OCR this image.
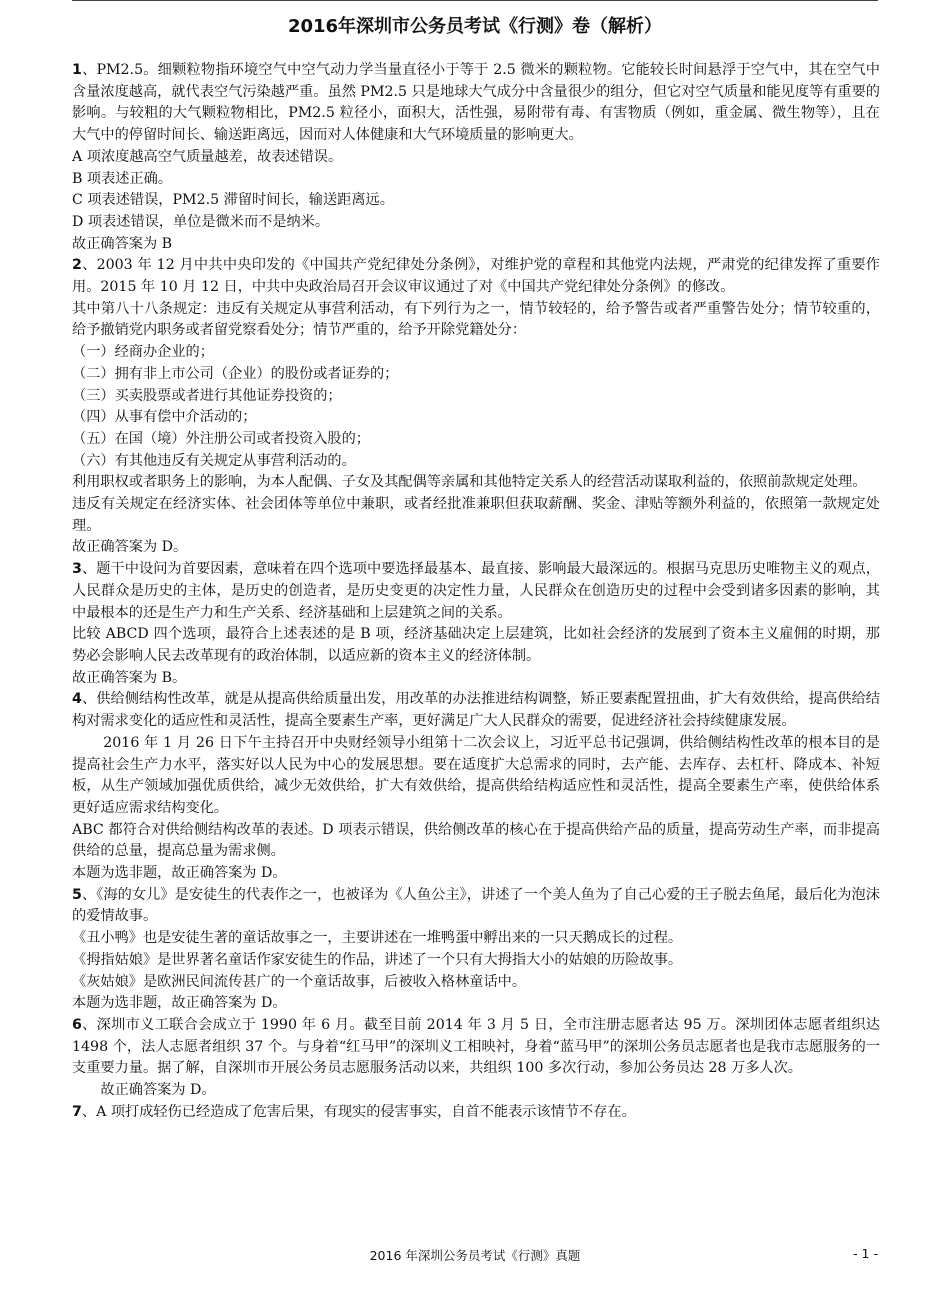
2016年深圳市公务员考试《行测》卷（解析）

1、PM2.5。细颗粒物指环境空气中空气动力学当量直径小于等于 2.5 微米的颗粒物。它能较长时间悬浮于空气中，其在空气中含量浓度越高，就代表空气污染越严重。虽然 PM2.5 只是地球大气成分中含量很少的组分，但它对空气质量和能见度等有重要的影响。与较粗的大气颗粒物相比，PM2.5 粒径小，面积大，活性强，易附带有毒、有害物质（例如，重金属、微生物等），且在大气中的停留时间长、输送距离远，因而对人体健康和大气环境质量的影响更大。

A 项浓度越高空气质量越差，故表述错误。

B 项表述正确。

C 项表述错误，PM2.5 滞留时间长，输送距离远。

D 项表述错误，单位是微米而不是纳米。

故正确答案为 B

2、2003 年 12 月中共中央印发的《中国共产党纪律处分条例》，对维护党的章程和其他党内法规，严肃党的纪律发挥了重要作用。2015 年 10 月 12 日，中共中央政治局召开会议审议通过了对《中国共产党纪律处分条例》的修改。

其中第八十八条规定：违反有关规定从事营利活动，有下列行为之一，情节较轻的，给予警告或者严重警告处分；情节较重的，给予撤销党内职务或者留党察看处分；情节严重的，给予开除党籍处分：

（一）经商办企业的；

（二）拥有非上市公司（企业）的股份或者证券的；

（三）买卖股票或者进行其他证券投资的；

（四）从事有偿中介活动的；

（五）在国（境）外注册公司或者投资入股的；

（六）有其他违反有关规定从事营利活动的。

利用职权或者职务上的影响，为本人配偶、子女及其配偶等亲属和其他特定关系人的经营活动谋取利益的，依照前款规定处理。

违反有关规定在经济实体、社会团体等单位中兼职，或者经批准兼职但获取薪酬、奖金、津贴等额外利益的，依照第一款规定处理。

故正确答案为 D。

3、题干中设问为首要因素，意味着在四个选项中要选择最基本、最直接、影响最大最深远的。根据马克思历史唯物主义的观点，人民群众是历史的主体，是历史的创造者，是历史变更的决定性力量，人民群众在创造历史的过程中会受到诸多因素的影响，其中最根本的还是生产力和生产关系、经济基础和上层建筑之间的关系。

比较 ABCD 四个选项，最符合上述表述的是 B 项，经济基础决定上层建筑，比如社会经济的发展到了资本主义雇佣的时期，那势必会影响人民去改革现有的政治体制，以适应新的资本主义的经济体制。

故正确答案为 B。

4、供给侧结构性改革，就是从提高供给质量出发，用改革的办法推进结构调整，矫正要素配置扭曲，扩大有效供给，提高供给结构对需求变化的适应性和灵活性，提高全要素生产率，更好满足广大人民群众的需要，促进经济社会持续健康发展。

2016 年 1 月 26 日下午主持召开中央财经领导小组第十二次会议上，习近平总书记强调，供给侧结构性改革的根本目的是提高社会生产力水平，落实好以人民为中心的发展思想。要在适度扩大总需求的同时，去产能、去库存、去杠杆、降成本、补短板，从生产领域加强优质供给，减少无效供给，扩大有效供给，提高供给结构适应性和灵活性，提高全要素生产率，使供给体系更好适应需求结构变化。

ABC 都符合对供给侧结构改革的表述。D 项表示错误，供给侧改革的核心在于提高供给产品的质量，提高劳动生产率，而非提高供给的总量，提高总量为需求侧。

本题为选非题，故正确答案为 D。

5、《海的女儿》是安徒生的代表作之一，也被译为《人鱼公主》，讲述了一个美人鱼为了自己心爱的王子脱去鱼尾，最后化为泡沫的爱情故事。

《丑小鸭》也是安徒生著的童话故事之一，主要讲述在一堆鸭蛋中孵出来的一只天鹅成长的过程。

《拇指姑娘》是世界著名童话作家安徒生的作品，讲述了一个只有大拇指大小的姑娘的历险故事。

《灰姑娘》是欧洲民间流传甚广的一个童话故事，后被收入格林童话中。

本题为选非题，故正确答案为 D。

6、深圳市义工联合会成立于 1990 年 6 月。截至目前 2014 年 3 月 5 日，全市注册志愿者达 95 万。深圳团体志愿者组织达 1498 个，法人志愿者组织 37 个。与身着“红马甲”的深圳义工相映衬，身着“蓝马甲”的深圳公务员志愿者也是我市志愿服务的一支重要力量。据了解，自深圳市开展公务员志愿服务活动以来，共组织 100 多次行动，参加公务员达 28 万多人次。

故正确答案为 D。

7、A 项打成轻伤已经造成了危害后果，有现实的侵害事实，自首不能表示该情节不存在。

2016 年深圳公务员考试《行测》真题	- 1 -
